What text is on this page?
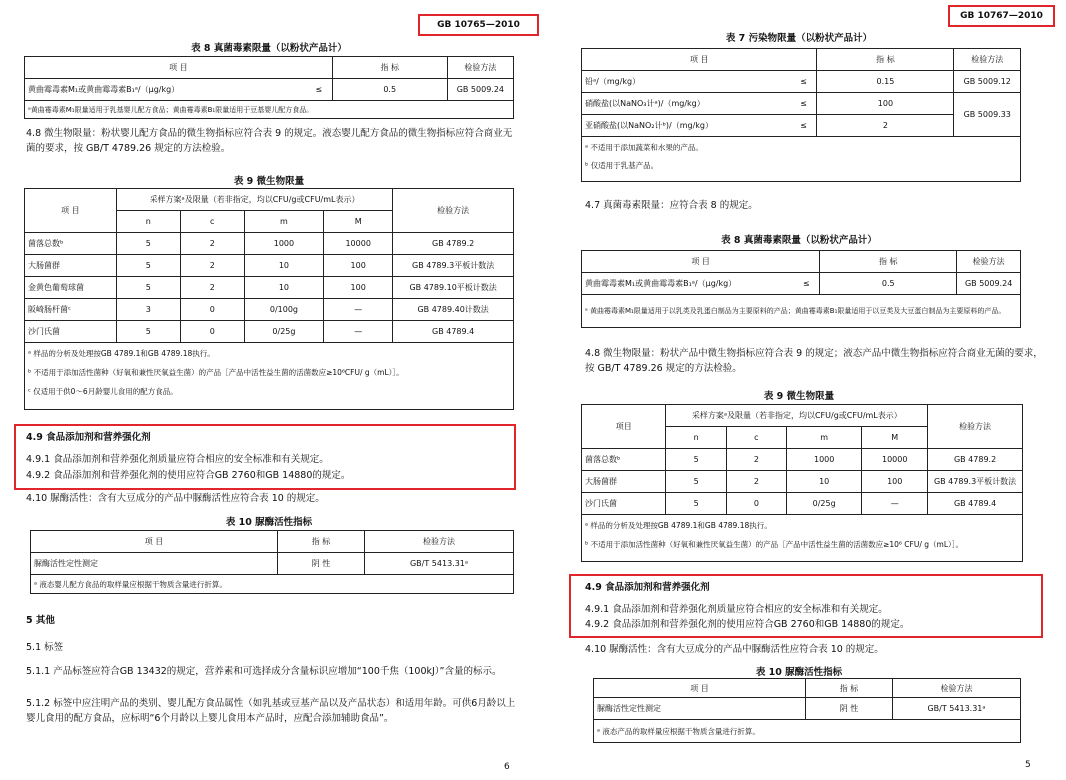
GB 10765—2010
表 8 真菌毒素限量（以粉状产品计）
项 目		指 标	检验方法
黄曲霉毒素M₁或黄曲霉毒素B₁ᵃ/（μg/kg）	≤	0.5	GB 5009.24
ᵃ黄曲霉毒素M₁限量适用于乳基婴儿配方食品；黄曲霉毒素B₁限量适用于豆基婴儿配方食品。			
4.8 微生物限量：粉状婴儿配方食品的微生物指标应符合表 9 的规定。液态婴儿配方食品的微生物指标应符合商业无菌的要求，按 GB/T 4789.26 规定的方法检验。
表 9 微生物限量
项 目	采样方案ᵃ及限量（若非指定，均以CFU/g或CFU/mL表示）				检验方法
	n	c	m	M	
菌落总数ᵇ	5	2	1000	10000	GB 4789.2
大肠菌群	5	2	10	100	GB 4789.3平板计数法
金黄色葡萄球菌	5	2	10	100	GB 4789.10平板计数法
阪崎肠杆菌ᶜ	3	0	0/100g	—	GB 4789.40计数法
沙门氏菌	5	0	0/25g	—	GB 4789.4

ᵃ 样品的分析及处理按GB 4789.1和GB 4789.18执行。
ᵇ 不适用于添加活性菌种（好氧和兼性厌氧益生菌）的产品［产品中活性益生菌的活菌数应≥10⁶CFU/ g（mL）］。
ᶜ 仅适用于供0～6月龄婴儿食用的配方食品。					
4.9 食品添加剂和营养强化剂
4.9.1 食品添加剂和营养强化剂质量应符合相应的安全标准和有关规定。
4.9.2 食品添加剂和营养强化剂的使用应符合GB 2760和GB 14880的规定。
4.10 脲酶活性：含有大豆成分的产品中脲酶活性应符合表 10 的规定。
表 10 脲酶活性指标
项 目	指 标	检验方法
脲酶活性定性测定	阴 性	GB/T 5413.31ᵃ
ᵃ 液态婴儿配方食品的取样量应根据干物质含量进行折算。		
5 其他
5.1 标签
5.1.1 产品标签应符合GB 13432的规定，营养素和可选择成分含量标识应增加“100千焦（100kJ）”含量的标示。
5.1.2 标签中应注明产品的类别、婴儿配方食品属性（如乳基或豆基产品以及产品状态）和适用年龄。可供6月龄以上婴儿食用的配方食品，应标明“6个月龄以上婴儿食用本产品时，应配合添加辅助食品”。
6
GB 10767—2010
表 7 污染物限量（以粉状产品计）
项 目		指 标	检验方法
铅ᵃ/（mg/kg）	≤	0.15	GB 5009.12
硝酸盐(以NaNO₃计ᵃ)/（mg/kg）	≤	100	GB 5009.33
亚硝酸盐(以NaNO₂计ᵇ)/（mg/kg）	≤	2	

ᵃ 不适用于添加蔬菜和水果的产品。
ᵇ 仅适用于乳基产品。			
4.7 真菌毒素限量：应符合表 8 的规定。
表 8 真菌毒素限量（以粉状产品计）
项 目		指 标	检验方法
黄曲霉毒素M₁或黄曲霉毒素B₁ᵃ/（μg/kg）	≤	0.5	GB 5009.24
ᵃ 黄曲霉毒素M₁限量适用于以乳类及乳蛋白制品为主要原料的产品；黄曲霉毒素B₁限量适用于以豆类及大豆蛋白制品为主要原料的产品。			
4.8 微生物限量：粉状产品中微生物指标应符合表 9 的规定；液态产品中微生物指标应符合商业无菌的要求，按 GB/T 4789.26 规定的方法检验。
表 9 微生物限量
项目	采样方案ᵃ及限量（若非指定，均以CFU/g或CFU/mL表示）				检验方法
	n	c	m	M	
菌落总数ᵇ	5	2	1000	10000	GB 4789.2
大肠菌群	5	2	10	100	GB 4789.3平板计数法
沙门氏菌	5	0	0/25g	—	GB 4789.4

ᵃ 样品的分析及处理按GB 4789.1和GB 4789.18执行。
ᵇ 不适用于添加活性菌种（好氧和兼性厌氧益生菌）的产品［产品中活性益生菌的活菌数应≥10⁶ CFU/ g（mL）］。					
4.9 食品添加剂和营养强化剂
4.9.1 食品添加剂和营养强化剂质量应符合相应的安全标准和有关规定。
4.9.2 食品添加剂和营养强化剂的使用应符合GB 2760和GB 14880的规定。
4.10 脲酶活性：含有大豆成分的产品中脲酶活性应符合表 10 的规定。
表 10 脲酶活性指标
项 目	指 标	检验方法
脲酶活性定性测定	阴 性	GB/T 5413.31ᵃ
ᵃ 液态产品的取样量应根据干物质含量进行折算。		
5
